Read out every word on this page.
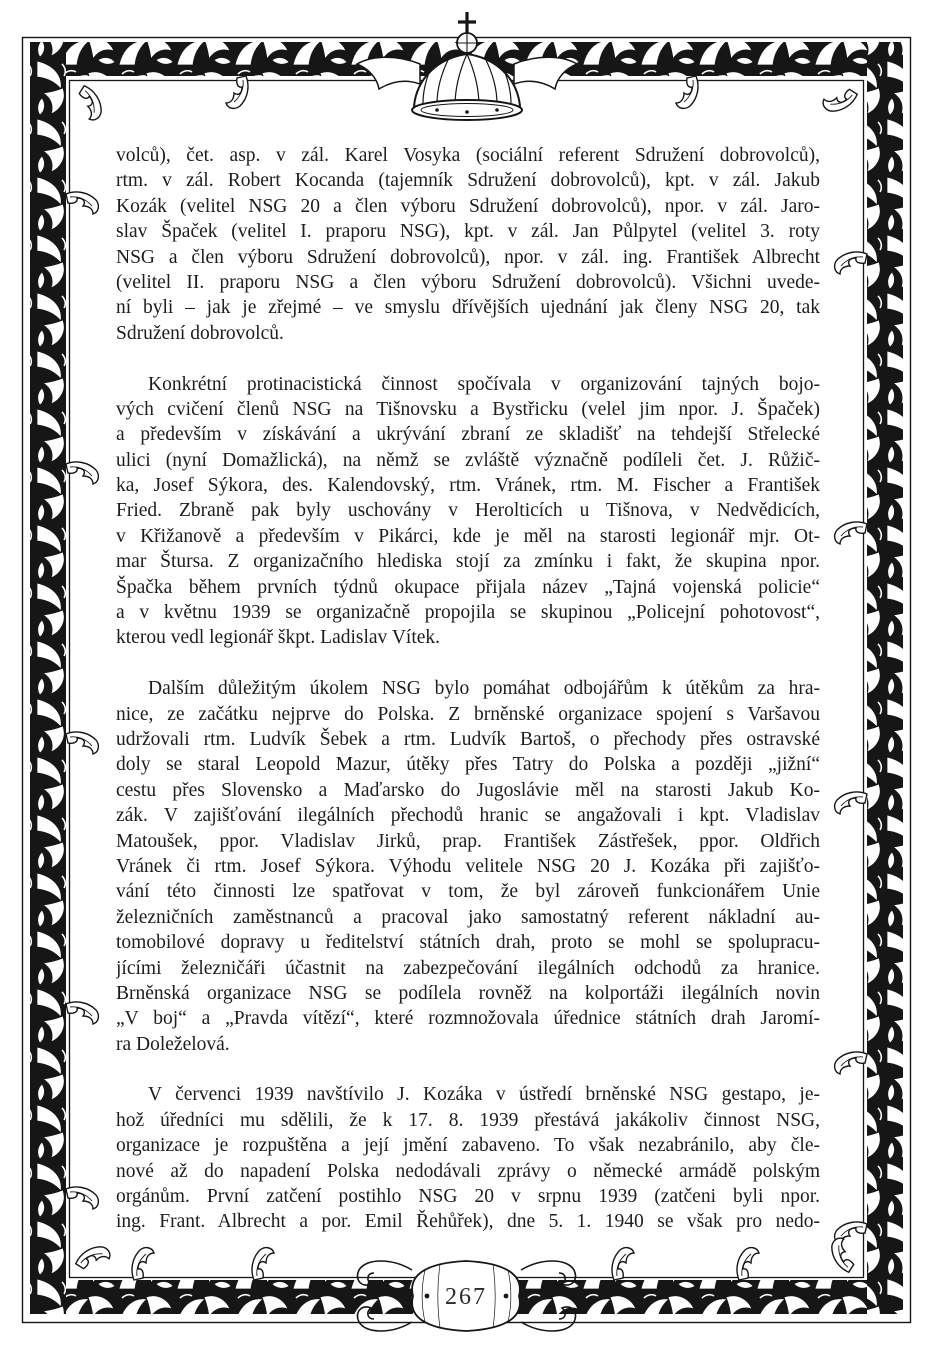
267
volců), čet. asp. v zál. Karel Vosyka (sociální referent Sdružení dobrovolců),
rtm. v zál. Robert Kocanda (tajemník Sdružení dobrovolců), kpt. v zál. Jakub
Kozák (velitel NSG 20 a člen výboru Sdružení dobrovolců), npor. v zál. Jaro-
slav Špaček (velitel I. praporu NSG), kpt. v zál. Jan Půlpytel (velitel 3. roty
NSG a člen výboru Sdružení dobrovolců), npor. v zál. ing. František Albrecht
(velitel II. praporu NSG a člen výboru Sdružení dobrovolců). Všichni uvede-
ní byli – jak je zřejmé – ve smyslu dřívějších ujednání jak členy NSG 20, tak
Sdružení dobrovolců.
Konkrétní protinacistická činnost spočívala v organizování tajných bojo-
vých cvičení členů NSG na Tišnovsku a Bystřicku (velel jim npor. J. Špaček)
a především v získávání a ukrývání zbraní ze skladišť na tehdejší Střelecké
ulici (nyní Domažlická), na němž se zvláště význačně podíleli čet. J. Růžič-
ka, Josef Sýkora, des. Kalendovský, rtm. Vránek, rtm. M. Fischer a František
Fried. Zbraně pak byly uschovány v Herolticích u Tišnova, v Nedvědicích,
v Křižanově a především v Pikárci, kde je měl na starosti legionář mjr. Ot-
mar Štursa. Z organizačního hlediska stojí za zmínku i fakt, že skupina npor.
Špačka během prvních týdnů okupace přijala název „Tajná vojenská policie“
a v květnu 1939 se organizačně propojila se skupinou „Policejní pohotovost“,
kterou vedl legionář škpt. Ladislav Vítek.
Dalším důležitým úkolem NSG bylo pomáhat odbojářům k útěkům za hra-
nice, ze začátku nejprve do Polska. Z brněnské organizace spojení s Varšavou
udržovali rtm. Ludvík Šebek a rtm. Ludvík Bartoš, o přechody přes ostravské
doly se staral Leopold Mazur, útěky přes Tatry do Polska a později „jižní“
cestu přes Slovensko a Maďarsko do Jugoslávie měl na starosti Jakub Ko-
zák. V zajišťování ilegálních přechodů hranic se angažovali i kpt. Vladislav
Matoušek, ppor. Vladislav Jirků, prap. František Zástřešek, ppor. Oldřich
Vránek či rtm. Josef Sýkora. Výhodu velitele NSG 20 J. Kozáka při zajišťo-
vání této činnosti lze spatřovat v tom, že byl zároveň funkcionářem Unie
železničních zaměstnanců a pracoval jako samostatný referent nákladní au-
tomobilové dopravy u ředitelství státních drah, proto se mohl se spolupracu-
jícími železničáři účastnit na zabezpečování ilegálních odchodů za hranice.
Brněnská organizace NSG se podílela rovněž na kolportáži ilegálních novin
„V boj“ a „Pravda vítězí“, které rozmnožovala úřednice státních drah Jaromí-
ra Doleželová.
V červenci 1939 navštívilo J. Kozáka v ústředí brněnské NSG gestapo, je-
hož úředníci mu sdělili, že k 17. 8. 1939 přestává jakákoliv činnost NSG,
organizace je rozpuštěna a její jmění zabaveno. To však nezabránilo, aby čle-
nové až do napadení Polska nedodávali zprávy o německé armádě polským
orgánům. První zatčení postihlo NSG 20 v srpnu 1939 (zatčeni byli npor.
ing. Frant. Albrecht a por. Emil Řehůřek), dne 5. 1. 1940 se však pro nedo-
